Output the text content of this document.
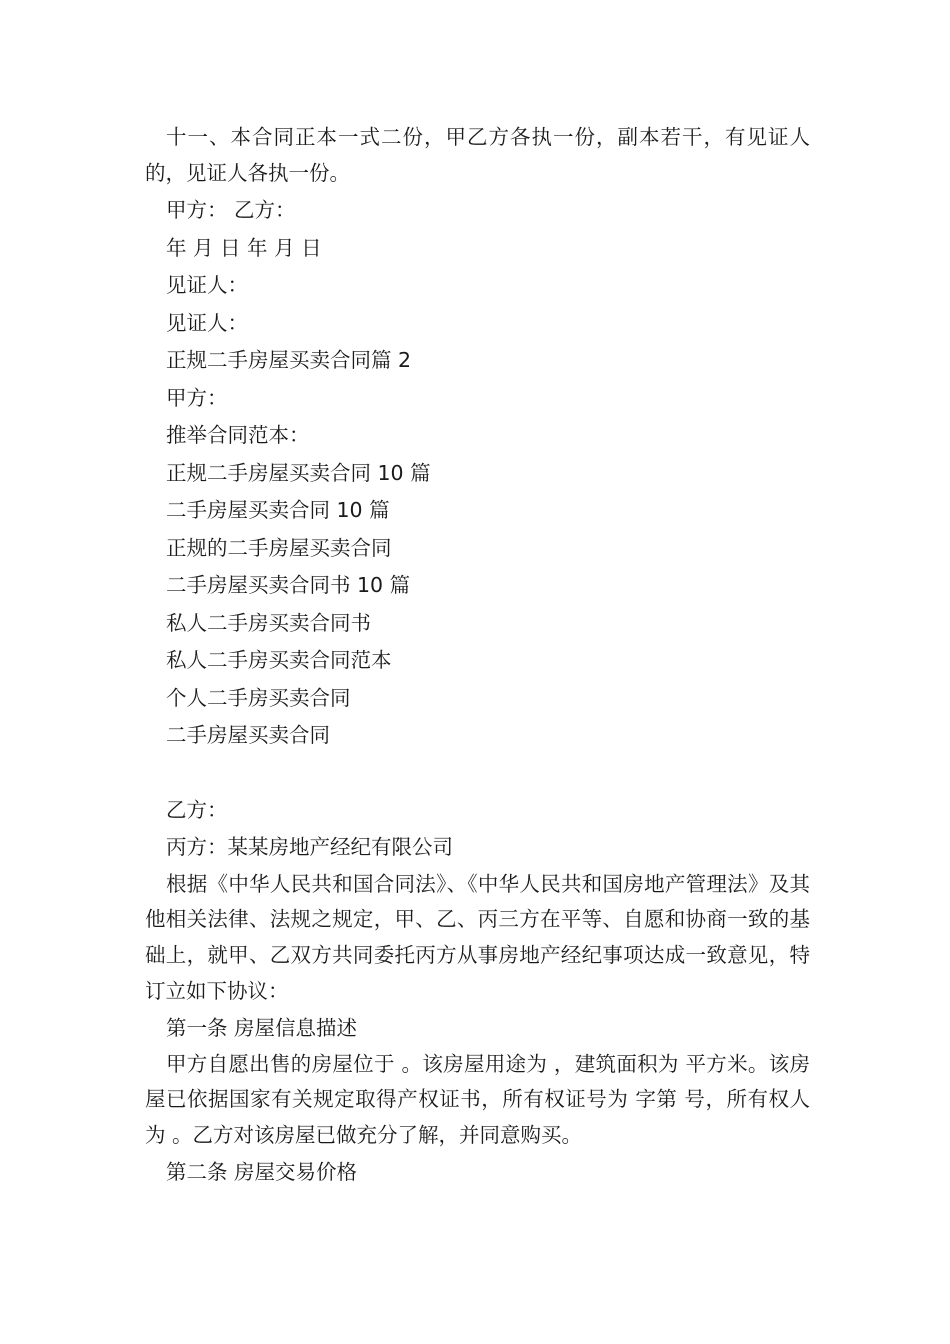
十一、本合同正本一式二份，甲乙方各执一份，副本若干，有见证人的，见证人各执一份。

甲方： 乙方：

年 月 日 年 月 日

见证人：

见证人：

正规二手房屋买卖合同篇 2

甲方：

推举合同范本：

正规二手房屋买卖合同 10 篇

二手房屋买卖合同 10 篇

正规的二手房屋买卖合同

二手房屋买卖合同书 10 篇

私人二手房买卖合同书

私人二手房买卖合同范本

个人二手房买卖合同

二手房屋买卖合同

乙方：

丙方：某某房地产经纪有限公司

根据《中华人民共和国合同法》、《中华人民共和国房地产管理法》及其他相关法律、法规之规定，甲、乙、丙三方在平等、自愿和协商一致的基础上，就甲、乙双方共同委托丙方从事房地产经纪事项达成一致意见，特订立如下协议：

第一条 房屋信息描述

甲方自愿出售的房屋位于 。该房屋用途为 ，建筑面积为 平方米。该房屋已依据国家有关规定取得产权证书，所有权证号为 字第 号，所有权人为 。乙方对该房屋已做充分了解，并同意购买。

第二条 房屋交易价格
